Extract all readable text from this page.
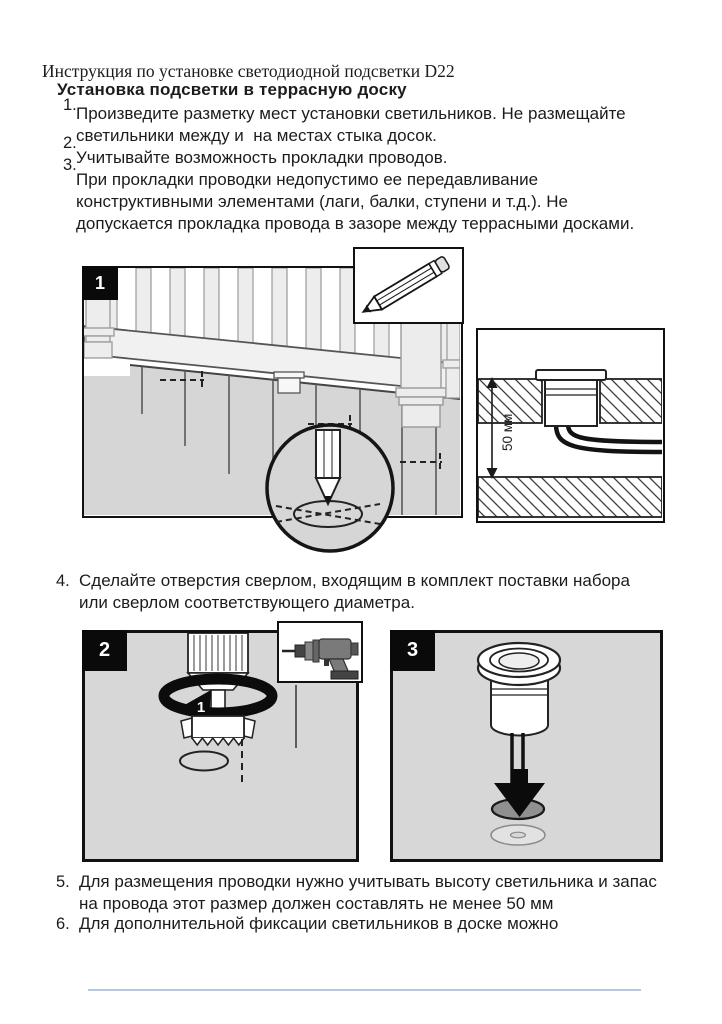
Инструкция по установке светодиодной подсветки D22
Установка подсветки в террасную доску
1. Произведите разметку мест установки светильников. Не размещайте
светильники между и  на местах стыка досок.
2.
3. Учитывайте возможность прокладки проводов.
При прокладки проводки недопустимо ее передавливание
конструктивными элементами (лаги, балки, ступени и т.д.). Не
допускается прокладка провода в зазоре между террасными досками.
1
50 мм.
4. Сделайте отверстия сверлом, входящим в комплект поставки набора
или сверлом соответствующего диаметра.
1
2	3
5. Для размещения проводки нужно учитывать высоту светильника и запас
на провода этот размер должен составлять не менее 50 мм
6. Для дополнительной фиксации светильников в доске можно
